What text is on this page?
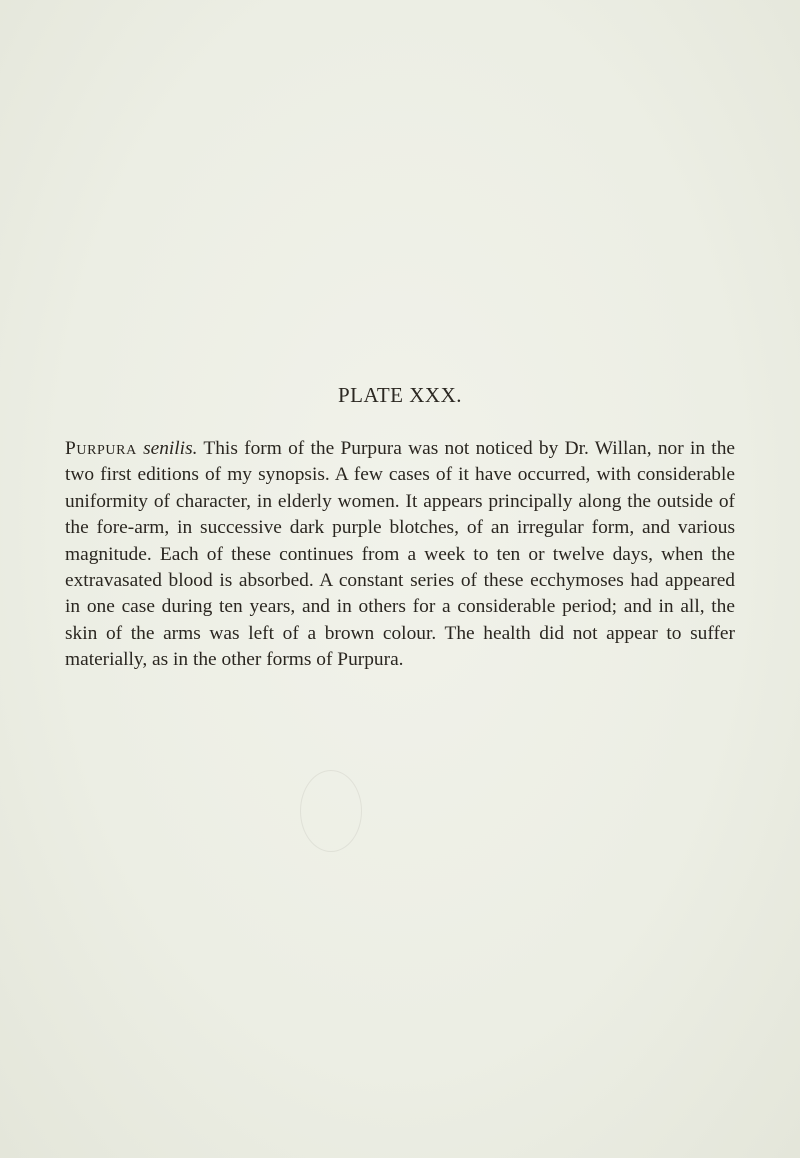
PLATE XXX.

Purpura senilis. This form of the Purpura was not noticed by Dr. Willan, nor in the two first editions of my synopsis. A few cases of it have occurred, with considerable uniformity of character, in elderly women. It appears principally along the outside of the fore-arm, in successive dark purple blotches, of an irregular form, and various magnitude. Each of these continues from a week to ten or twelve days, when the extravasated blood is absorbed. A constant series of these ecchymoses had appeared in one case during ten years, and in others for a considerable period; and in all, the skin of the arms was left of a brown colour. The health did not appear to suffer materially, as in the other forms of Purpura.
